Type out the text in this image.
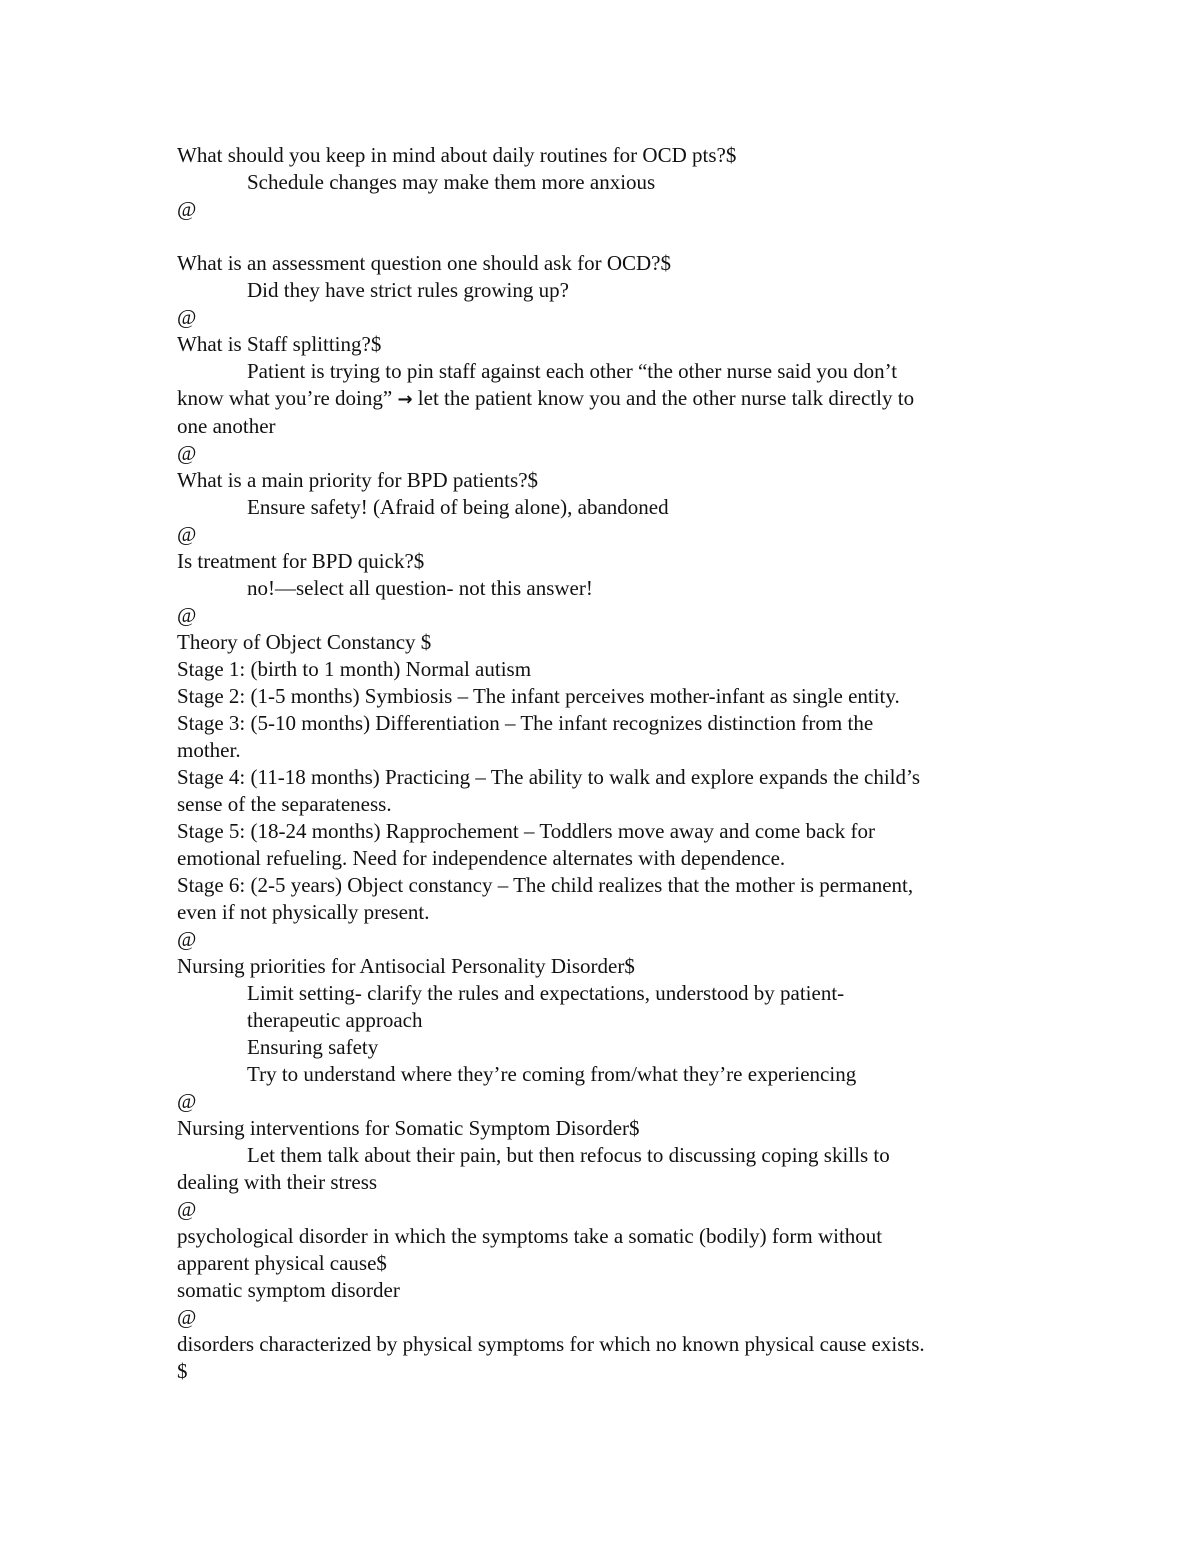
What should you keep in mind about daily routines for OCD pts?$

Schedule changes may make them more anxious

@

What is an assessment question one should ask for OCD?$

Did they have strict rules growing up?

@

What is Staff splitting?$

Patient is trying to pin staff against each other “the other nurse said you don’t

know what you’re doing” → let the patient know you and the other nurse talk directly to

one another

@

What is a main priority for BPD patients?$

Ensure safety! (Afraid of being alone), abandoned

@

Is treatment for BPD quick?$

no!—select all question- not this answer!

@

Theory of Object Constancy $

Stage 1: (birth to 1 month) Normal autism

Stage 2: (1-5 months) Symbiosis – The infant perceives mother-infant as single entity.

Stage 3: (5-10 months) Differentiation – The infant recognizes distinction from the

mother.

Stage 4: (11-18 months) Practicing – The ability to walk and explore expands the child’s

sense of the separateness.

Stage 5: (18-24 months) Rapprochement – Toddlers move away and come back for

emotional refueling. Need for independence alternates with dependence.

Stage 6: (2-5 years) Object constancy – The child realizes that the mother is permanent,

even if not physically present.

@

Nursing priorities for Antisocial Personality Disorder$

Limit setting- clarify the rules and expectations, understood by patient-

therapeutic approach

Ensuring safety

Try to understand where they’re coming from/what they’re experiencing

@

Nursing interventions for Somatic Symptom Disorder$

Let them talk about their pain, but then refocus to discussing coping skills to

dealing with their stress

@

psychological disorder in which the symptoms take a somatic (bodily) form without

apparent physical cause$

somatic symptom disorder

@

disorders characterized by physical symptoms for which no known physical cause exists.

$
